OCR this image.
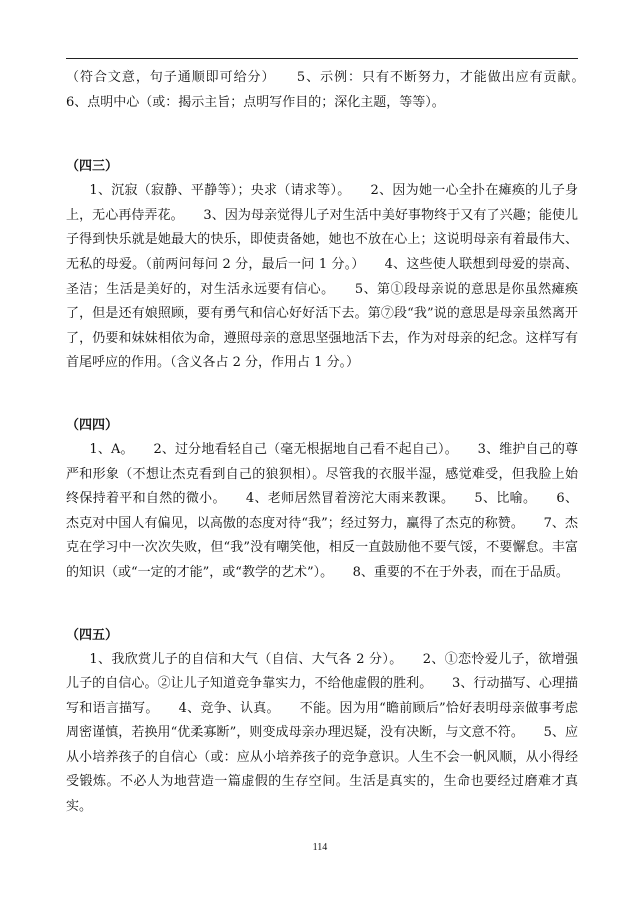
（符合文意，句子通顺即可给分）　　5、示例：只有不断努力，才能做出应有贡献。　　6、点明中心（或：揭示主旨；点明写作目的；深化主题，等等）。

（四三）

1、沉寂（寂静、平静等）；央求（请求等）。　　2、因为她一心全扑在瘫痪的儿子身上，无心再侍弄花。　　3、因为母亲觉得儿子对生活中美好事物终于又有了兴趣；能使儿子得到快乐就是她最大的快乐，即使责备她，她也不放在心上；这说明母亲有着最伟大、无私的母爱。（前两问每问 2 分，最后一问 1 分。）　　4、这些使人联想到母爱的崇高、圣洁；生活是美好的，对生活永远要有信心。　　5、第①段母亲说的意思是你虽然瘫痪了，但是还有娘照顾，要有勇气和信心好好活下去。第⑦段“我”说的意思是母亲虽然离开了，仍要和妹妹相依为命，遵照母亲的意思坚强地活下去，作为对母亲的纪念。这样写有首尾呼应的作用。（含义各占 2 分，作用占 1 分。）

（四四）

1、A。　　2、过分地看轻自己（毫无根据地自己看不起自己）。　　3、维护自己的尊严和形象（不想让杰克看到自己的狼狈相）。尽管我的衣服半湿，感觉难受，但我脸上始终保持着平和自然的微小。　　4、老师居然冒着滂沱大雨来教课。　　5、比喻。　　6、杰克对中国人有偏见，以高傲的态度对待“我”；经过努力，赢得了杰克的称赞。　　7、杰克在学习中一次次失败，但“我”没有嘲笑他，相反一直鼓励他不要气馁，不要懈怠。丰富的知识（或“一定的才能”，或“教学的艺术”）。　　8、重要的不在于外表，而在于品质。

（四五）

1、我欣赏儿子的自信和大气（自信、大气各 2 分）。　　2、①恋怜爱儿子，欲增强 儿子的自信心。②让儿子知道竞争靠实力，不给他虚假的胜利。　　3、行动描写、心理描写和语言描写。　　4、竞争、认真。　　不能。因为用“瞻前顾后”恰好表明母亲做事考虑周密谨慎，若换用“优柔寡断”，则变成母亲办理迟疑，没有决断，与文意不符。　　5、应从小培养孩子的自信心（或：应从小培养孩子的竞争意识。人生不会一帆风顺，从小得经受锻炼。不必人为地营造一篇虚假的生存空间。生活是真实的，生命也要经过磨难才真实。

114
